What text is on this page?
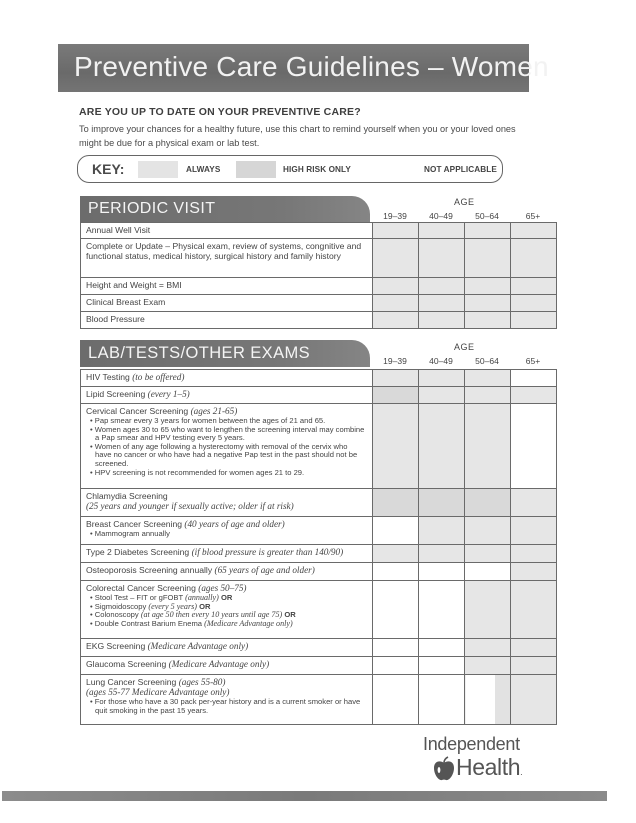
Preventive Care Guidelines – Women
ARE YOU UP TO DATE ON YOUR PREVENTIVE CARE?
To improve your chances for a healthy future, use this chart to remind yourself when you or your loved ones might be due for a physical exam or lab test.
KEY:	ALWAYS	HIGH RISK ONLY	NOT APPLICABLE
PERIODIC VISIT	AGE
19–39	40–49	50–64	65+
Annual Well Visit				
Complete or Update – Physical exam, review of systems, congnitive and functional status, medical history, surgical history and family history				
Height and Weight = BMI				
Clinical Breast Exam				
Blood Pressure				
LAB/TESTS/OTHER EXAMS	AGE
19–39	40–49	50–64	65+
HIV Testing (to be offered)				
Lipid Screening (every 1–5)				
Cervical Cancer Screening (ages 21-65)
• Pap smear every 3 years for women between the ages of 21 and 65.
• Women ages 30 to 65 who want to lengthen the screening interval may combine a Pap smear and HPV testing every 5 years.
• Women of any age following a hysterectomy with removal of the cervix who have no cancer or who have had a negative Pap test in the past should not be screened.
• HPV screening is not recommended for women ages 21 to 29.

Chlamydia Screening
(25 years and younger if sexually active; older if at risk)				

Breast Cancer Screening (40 years of age and older)
• Mammogram annually

Type 2 Diabetes Screening (if blood pressure is greater than 140/90)				
Osteoporosis Screening annually (65 years of age and older)				
Colorectal Cancer Screening (ages 50–75)
• Stool Test – FIT or gFOBT (annually) OR
• Sigmoidoscopy (every 5 years) OR
• Colonoscopy (at age 50 then every 10 years until age 75) OR
• Double Contrast Barium Enema (Medicare Advantage only)

EKG Screening (Medicare Advantage only)				
Glaucoma Screening (Medicare Advantage only)				
Lung Cancer Screening (ages 55-80)
(ages 55-77 Medicare Advantage only)
• For those who have a 30 pack per-year history and is a current smoker or have quit smoking in the past 15 years.

Independent
Health.
